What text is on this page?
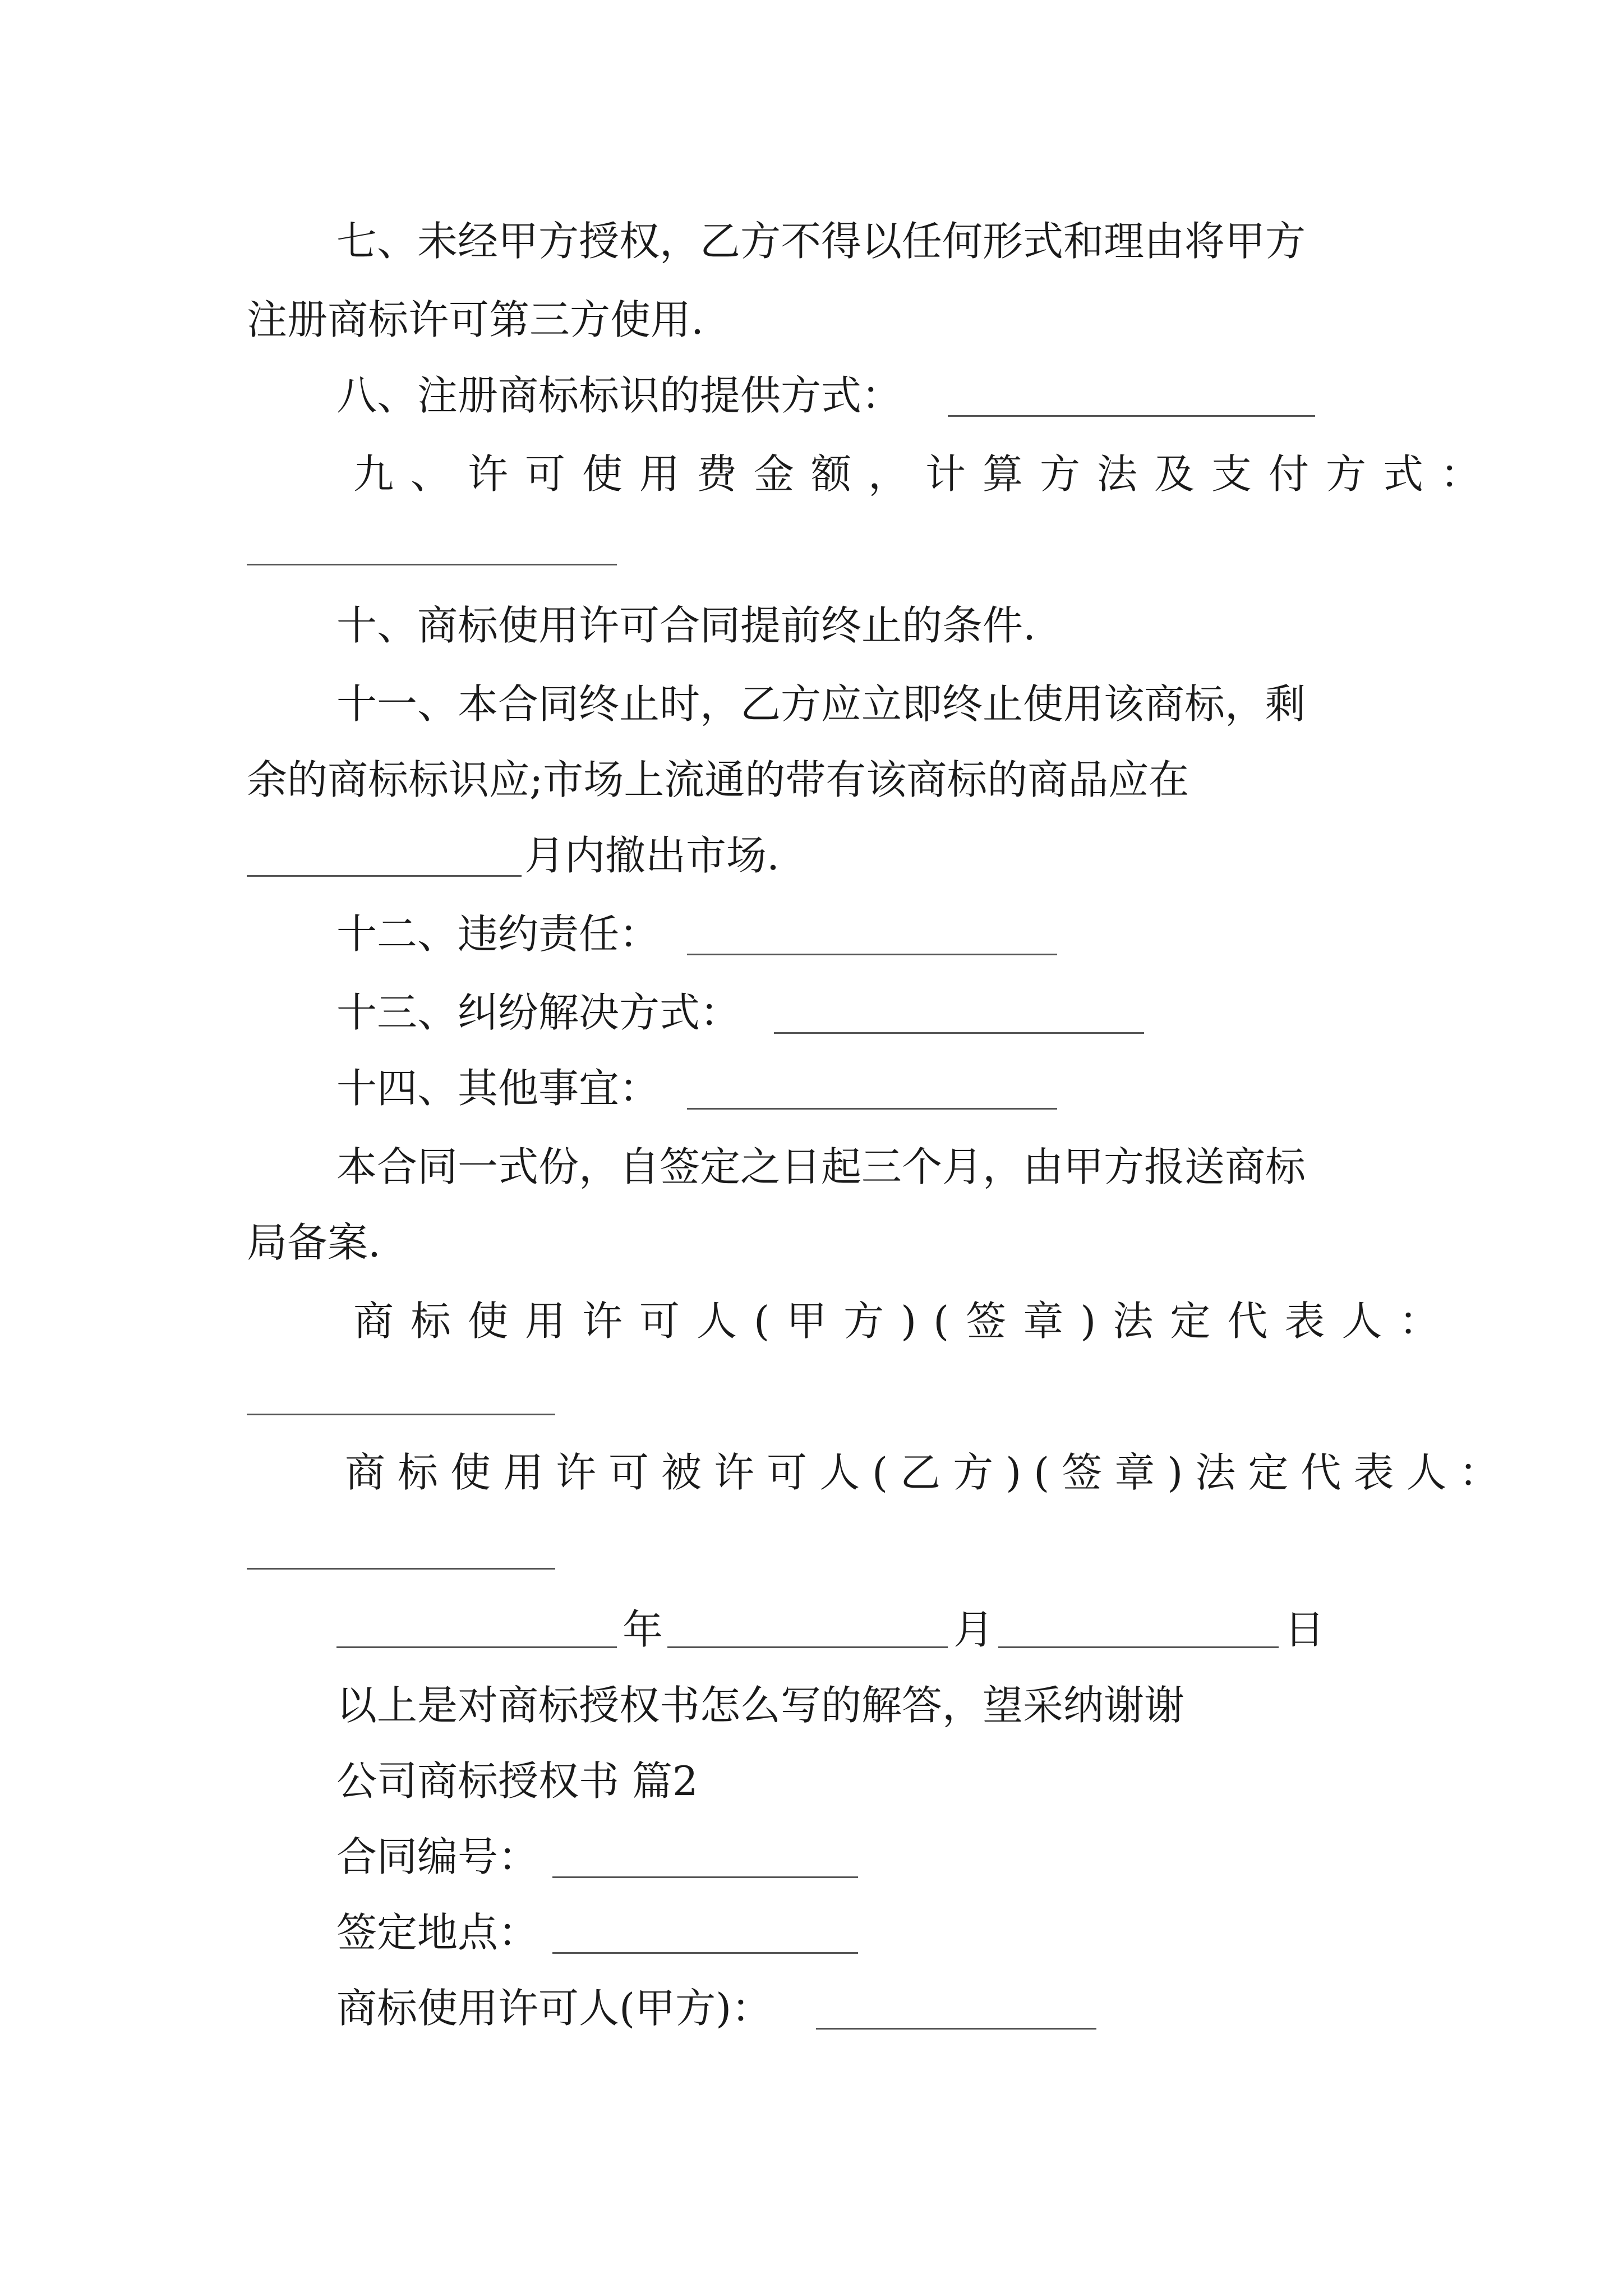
七、未经甲方授权，乙方不得以任何形式和理由将甲方
注册商标许可第三方使用.
八、注册商标标识的提供方式：
九、许可使用费金额，计算方法及支付方式：
十、商标使用许可合同提前终止的条件.
十一、本合同终止时，乙方应立即终止使用该商标，剩
余的商标标识应;市场上流通的带有该商标的商品应在
月内撤出市场.
十二、违约责任：
十三、纠纷解决方式：
十四、其他事宜：
本合同一式份，自签定之日起三个月，由甲方报送商标
局备案.
商标使用许可人(甲方)(签章)法定代表人：
商标使用许可被许可人(乙方)(签章)法定代表人：
年	月	日
以上是对商标授权书怎么写的解答，望采纳谢谢
公司商标授权书 篇2
合同编号：
签定地点：
商标使用许可人(甲方)：
